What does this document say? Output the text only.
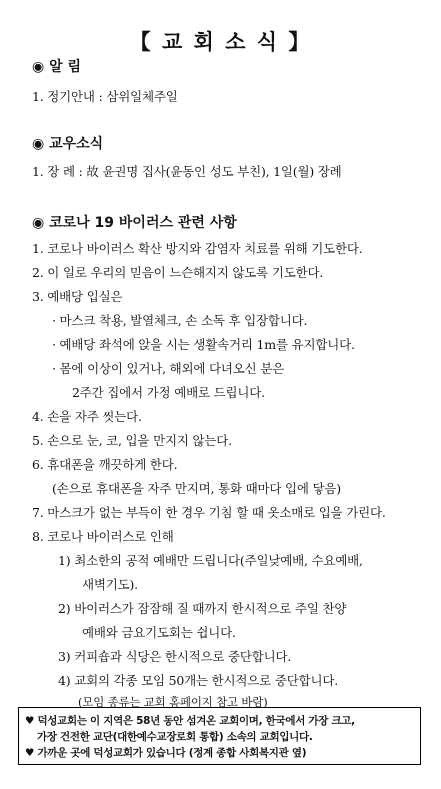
【 교 회 소 식 】
◉ 알 림
1. 정기안내 : 삼위일체주일
◉ 교우소식
1. 장 례 : 故 윤권명 집사(윤동인 성도 부친), 1일(월) 장례
◉ 코로나 19 바이러스 관련 사항
1. 코로나 바이러스 확산 방지와 감염자 치료를 위해 기도한다.
2. 이 일로 우리의 믿음이 느슨해지지 않도록 기도한다.
3. 예배당 입실은
· 마스크 착용, 발열체크, 손 소독 후 입장합니다.
· 예배당 좌석에 앉을 시는 생활속거리 1m를 유지합니다.
· 몸에 이상이 있거나, 해외에 다녀오신 분은
2주간 집에서 가정 예배로 드립니다.
4. 손을 자주 씻는다.
5. 손으로 눈, 코, 입을 만지지 않는다.
6. 휴대폰을 깨끗하게 한다.
(손으로 휴대폰을 자주 만지며, 통화 때마다 입에 닿음)
7. 마스크가 없는 부득이 한 경우 기침 할 때 옷소매로 입을 가린다.
8. 코로나 바이러스로 인해
1) 최소한의 공적 예배만 드립니다(주일낮예배, 수요예배,
새벽기도).
2) 바이러스가 잠잠해 질 때까지 한시적으로 주일 찬양
예배와 금요기도회는 쉽니다.
3) 커피숍과 식당은 한시적으로 중단합니다.
4) 교회의 각종 모임 50개는 한시적으로 중단합니다.
(모임 종류는 교회 홈페이지 참고 바람)
♥ 덕성교회는 이 지역은 58년 동안 섬겨온 교회이며, 한국에서 가장 크고,
가장 건전한 교단(대한예수교장로회 통합) 소속의 교회입니다.
♥ 가까운 곳에 덕성교회가 있습니다 (정계 종합 사회복지관 옆)
